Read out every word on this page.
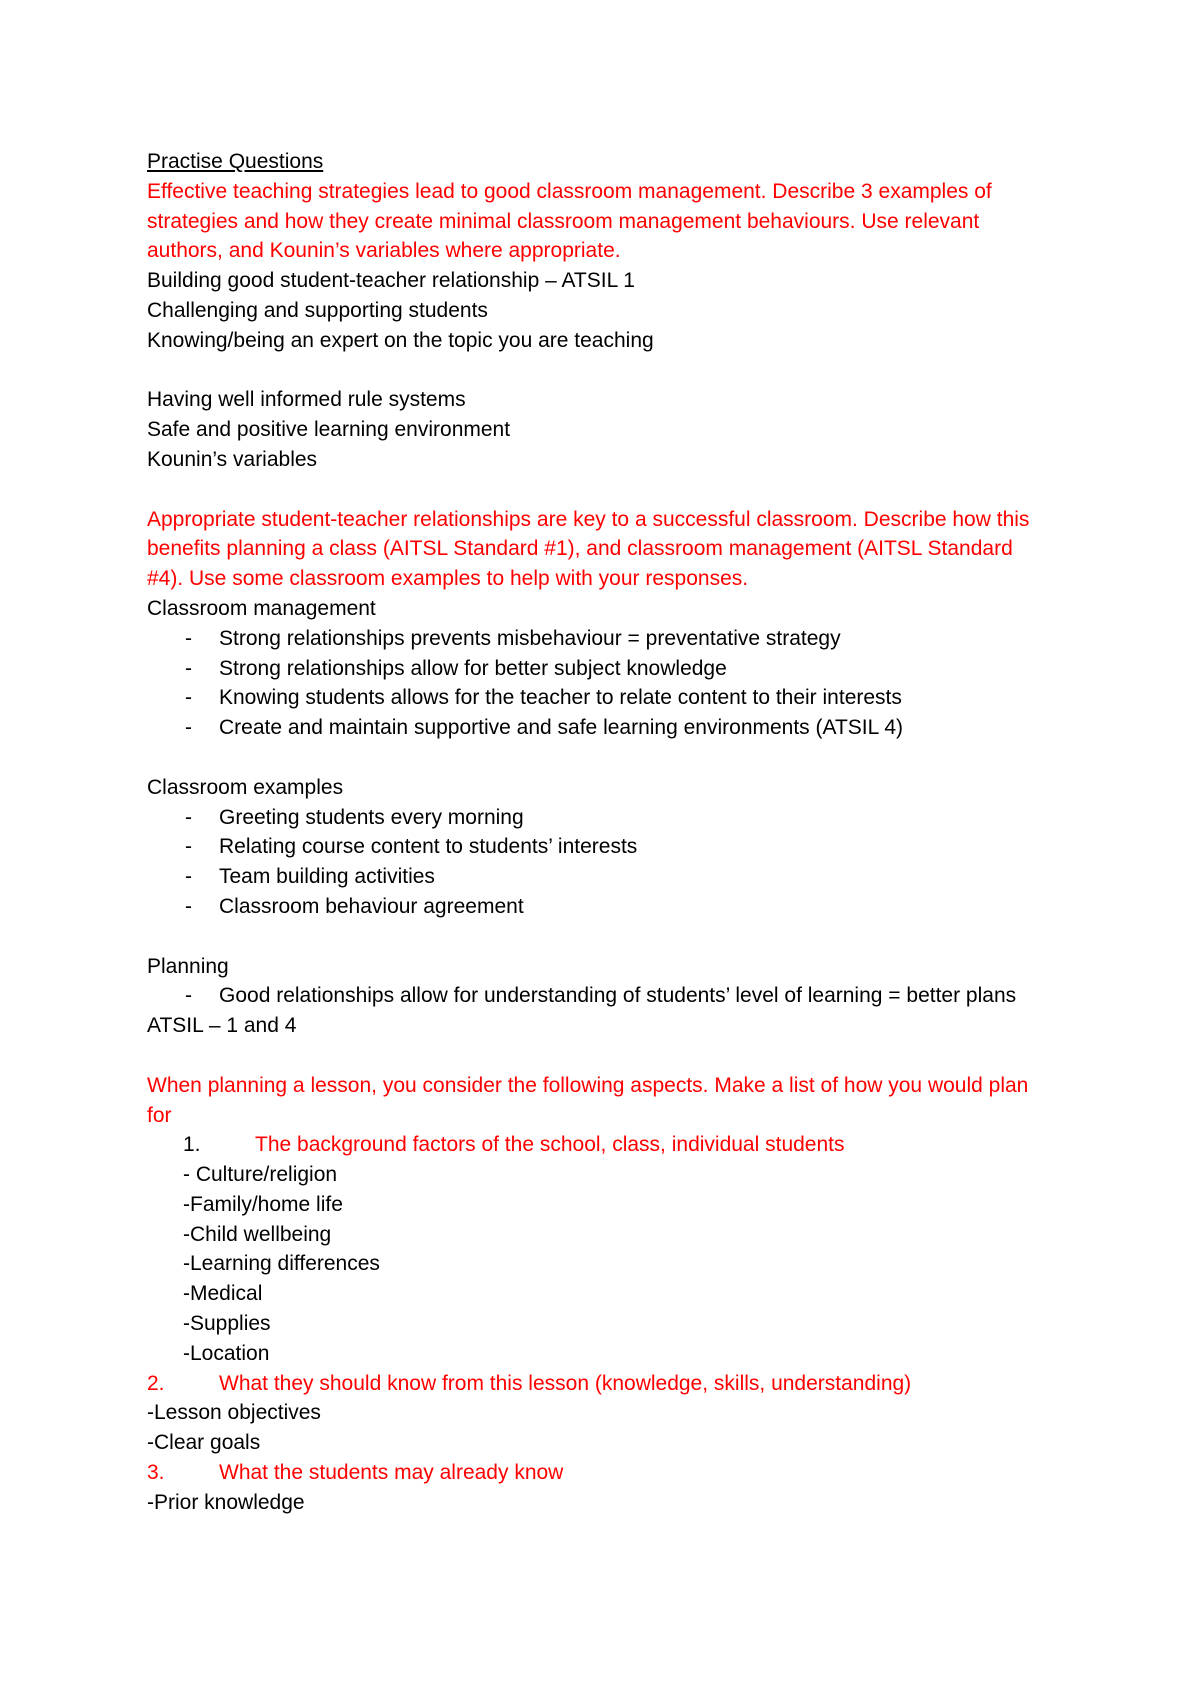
Practise Questions
Effective teaching strategies lead to good classroom management. Describe 3 examples of strategies and how they create minimal classroom management behaviours. Use relevant authors, and Kounin’s variables where appropriate.
Building good student-teacher relationship – ATSIL 1
Challenging and supporting students
Knowing/being an expert on the topic you are teaching
Having well informed rule systems
Safe and positive learning environment
Kounin’s variables
Appropriate student-teacher relationships are key to a successful classroom. Describe how this benefits planning a class (AITSL Standard #1), and classroom management (AITSL Standard #4). Use some classroom examples to help with your responses.
Classroom management
-	Strong relationships prevents misbehaviour = preventative strategy
-	Strong relationships allow for better subject knowledge
-	Knowing students allows for the teacher to relate content to their interests
-	Create and maintain supportive and safe learning environments (ATSIL 4)
Classroom examples
-	Greeting students every morning
-	Relating course content to students’ interests
-	Team building activities
-	Classroom behaviour agreement
Planning
-	Good relationships allow for understanding of students’ level of learning = better plans
ATSIL – 1 and 4
When planning a lesson, you consider the following aspects. Make a list of how you would plan for
1.	The background factors of the school, class, individual students
- Culture/religion
-Family/home life
-Child wellbeing
-Learning differences
-Medical
-Supplies
-Location
2.	What they should know from this lesson (knowledge, skills, understanding)
-Lesson objectives
-Clear goals
3.	What the students may already know
-Prior knowledge
